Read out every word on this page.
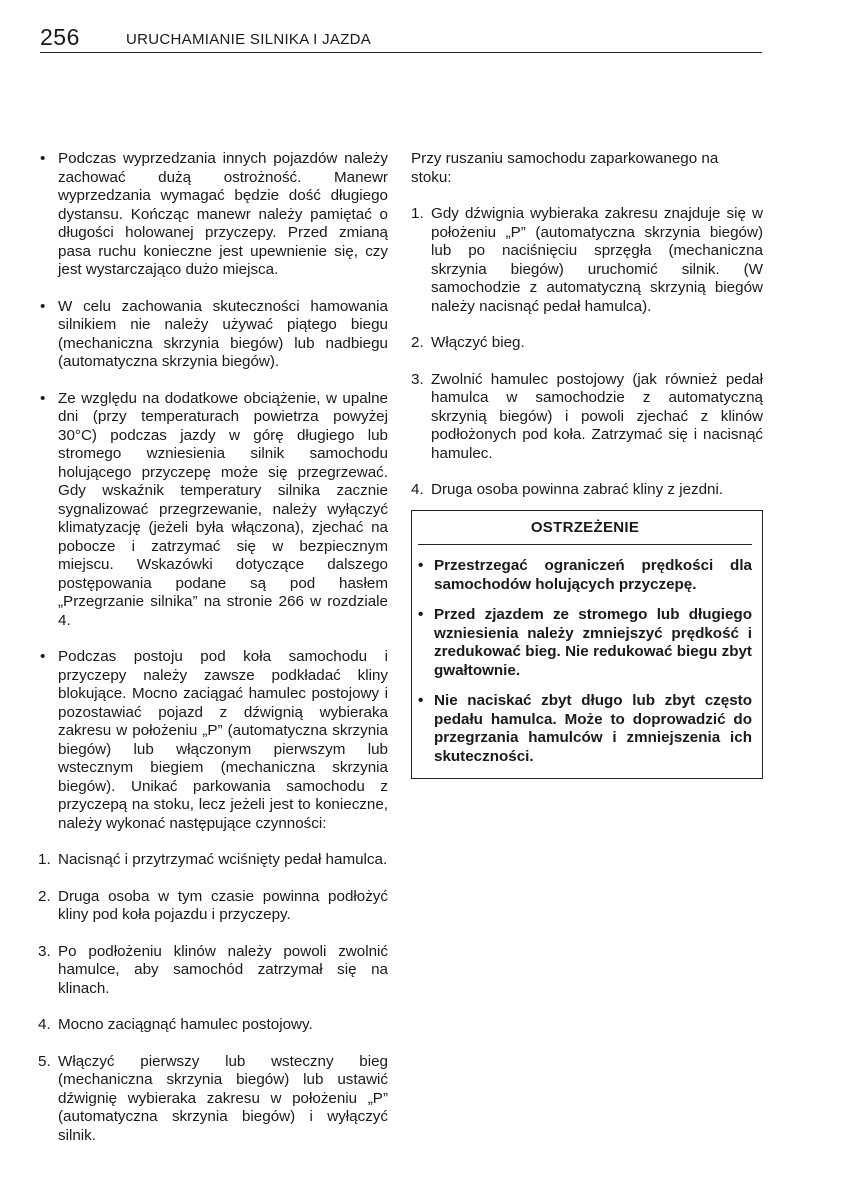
256	URUCHAMIANIE SILNIKA I JAZDA
• Podczas wyprzedzania innych pojazdów należy zachować dużą ostrożność. Manewr wyprzedzania wymagać będzie dość długiego dystansu. Kończąc manewr należy pamiętać o długości holowanej przyczepy. Przed zmianą pasa ruchu konieczne jest upewnienie się, czy jest wystarczająco dużo miejsca.

• W celu zachowania skuteczności hamowania silnikiem nie należy używać piątego biegu (mechaniczna skrzynia biegów) lub nadbiegu (automatyczna skrzynia biegów).

• Ze względu na dodatkowe obciążenie, w upalne dni (przy temperaturach powietrza powyżej 30°C) podczas jazdy w górę długiego lub stromego wzniesienia silnik samochodu holującego przyczepę może się przegrzewać. Gdy wskaźnik temperatury silnika zacznie sygnalizować przegrzewanie, należy wyłączyć klimatyzację (jeżeli była włączona), zjechać na pobocze i zatrzymać się w bezpiecznym miejscu. Wskazówki dotyczące dalszego postępowania podane są pod hasłem „Przegrzanie silnika” na stronie 266 w rozdziale 4.

• Podczas postoju pod koła samochodu i przyczepy należy zawsze podkładać kliny blokujące. Mocno zaciągać hamulec postojowy i pozostawiać pojazd z dźwignią wybieraka zakresu w położeniu „P” (automatyczna skrzynia biegów) lub włączonym pierwszym lub wstecznym biegiem (mechaniczna skrzynia biegów). Unikać parkowania samochodu z przyczepą na stoku, lecz jeżeli jest to konieczne, należy wykonać następujące czynności:

1. Nacisnąć i przytrzymać wciśnięty pedał hamulca.

2. Druga osoba w tym czasie powinna podłożyć kliny pod koła pojazdu i przyczepy.

3. Po podłożeniu klinów należy powoli zwolnić hamulce, aby samochód zatrzymał się na klinach.

4. Mocno zaciągnąć hamulec postojowy.

5. Włączyć pierwszy lub wsteczny bieg (mechaniczna skrzynia biegów) lub ustawić dźwignię wybieraka zakresu w położeniu „P” (automatyczna skrzynia biegów) i wyłączyć silnik.

Przy ruszaniu samochodu zaparkowanego na stoku:

1. Gdy dźwignia wybieraka zakresu znajduje się w położeniu „P” (automatyczna skrzynia biegów) lub po naciśnięciu sprzęgła (mechaniczna skrzynia biegów) uruchomić silnik. (W samochodzie z automatyczną skrzynią biegów należy nacisnąć pedał hamulca).

2. Włączyć bieg.

3. Zwolnić hamulec postojowy (jak również pedał hamulca w samochodzie z automatyczną skrzynią biegów) i powoli zjechać z klinów podłożonych pod koła. Zatrzymać się i nacisnąć hamulec.

4. Druga osoba powinna zabrać kliny z jezdni.

OSTRZEŻENIE
• Przestrzegać ograniczeń prędkości dla samochodów holujących przyczepę.

• Przed zjazdem ze stromego lub długiego wzniesienia należy zmniejszyć prędkość i zredukować bieg. Nie redukować biegu zbyt gwałtownie.

• Nie naciskać zbyt długo lub zbyt często pedału hamulca. Może to doprowadzić do przegrzania hamulców i zmniejszenia ich skuteczności.
